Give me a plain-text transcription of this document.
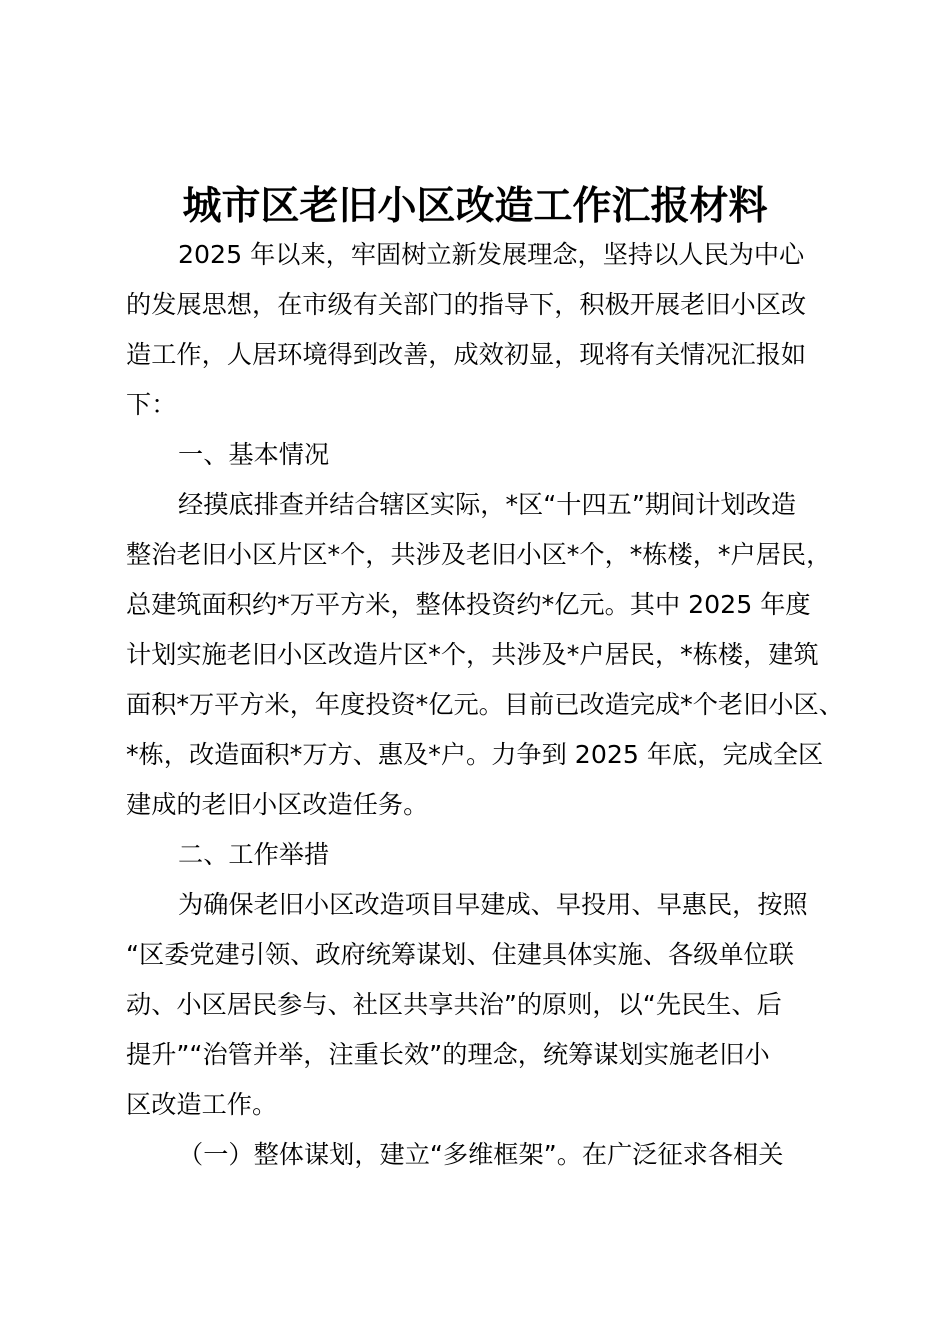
城市区老旧小区改造工作汇报材料
2025 年以来，牢固树立新发展理念，坚持以人民为中心
的发展思想，在市级有关部门的指导下，积极开展老旧小区改
造工作，人居环境得到改善，成效初显，现将有关情况汇报如
下：
一、基本情况
经摸底排查并结合辖区实际，*区“十四五”期间计划改造
整治老旧小区片区*个，共涉及老旧小区*个，*栋楼，*户居民，
总建筑面积约*万平方米，整体投资约*亿元。其中 2025 年度
计划实施老旧小区改造片区*个，共涉及*户居民，*栋楼，建筑
面积*万平方米，年度投资*亿元。目前已改造完成*个老旧小区、
*栋，改造面积*万方、惠及*户。力争到 2025 年底，完成全区
建成的老旧小区改造任务。
二、工作举措
为确保老旧小区改造项目早建成、早投用、早惠民，按照
“区委党建引领、政府统筹谋划、住建具体实施、各级单位联
动、小区居民参与、社区共享共治”的原则，以“先民生、后
提升”“治管并举，注重长效”的理念，统筹谋划实施老旧小
区改造工作。
（一）整体谋划，建立“多维框架”。在广泛征求各相关
